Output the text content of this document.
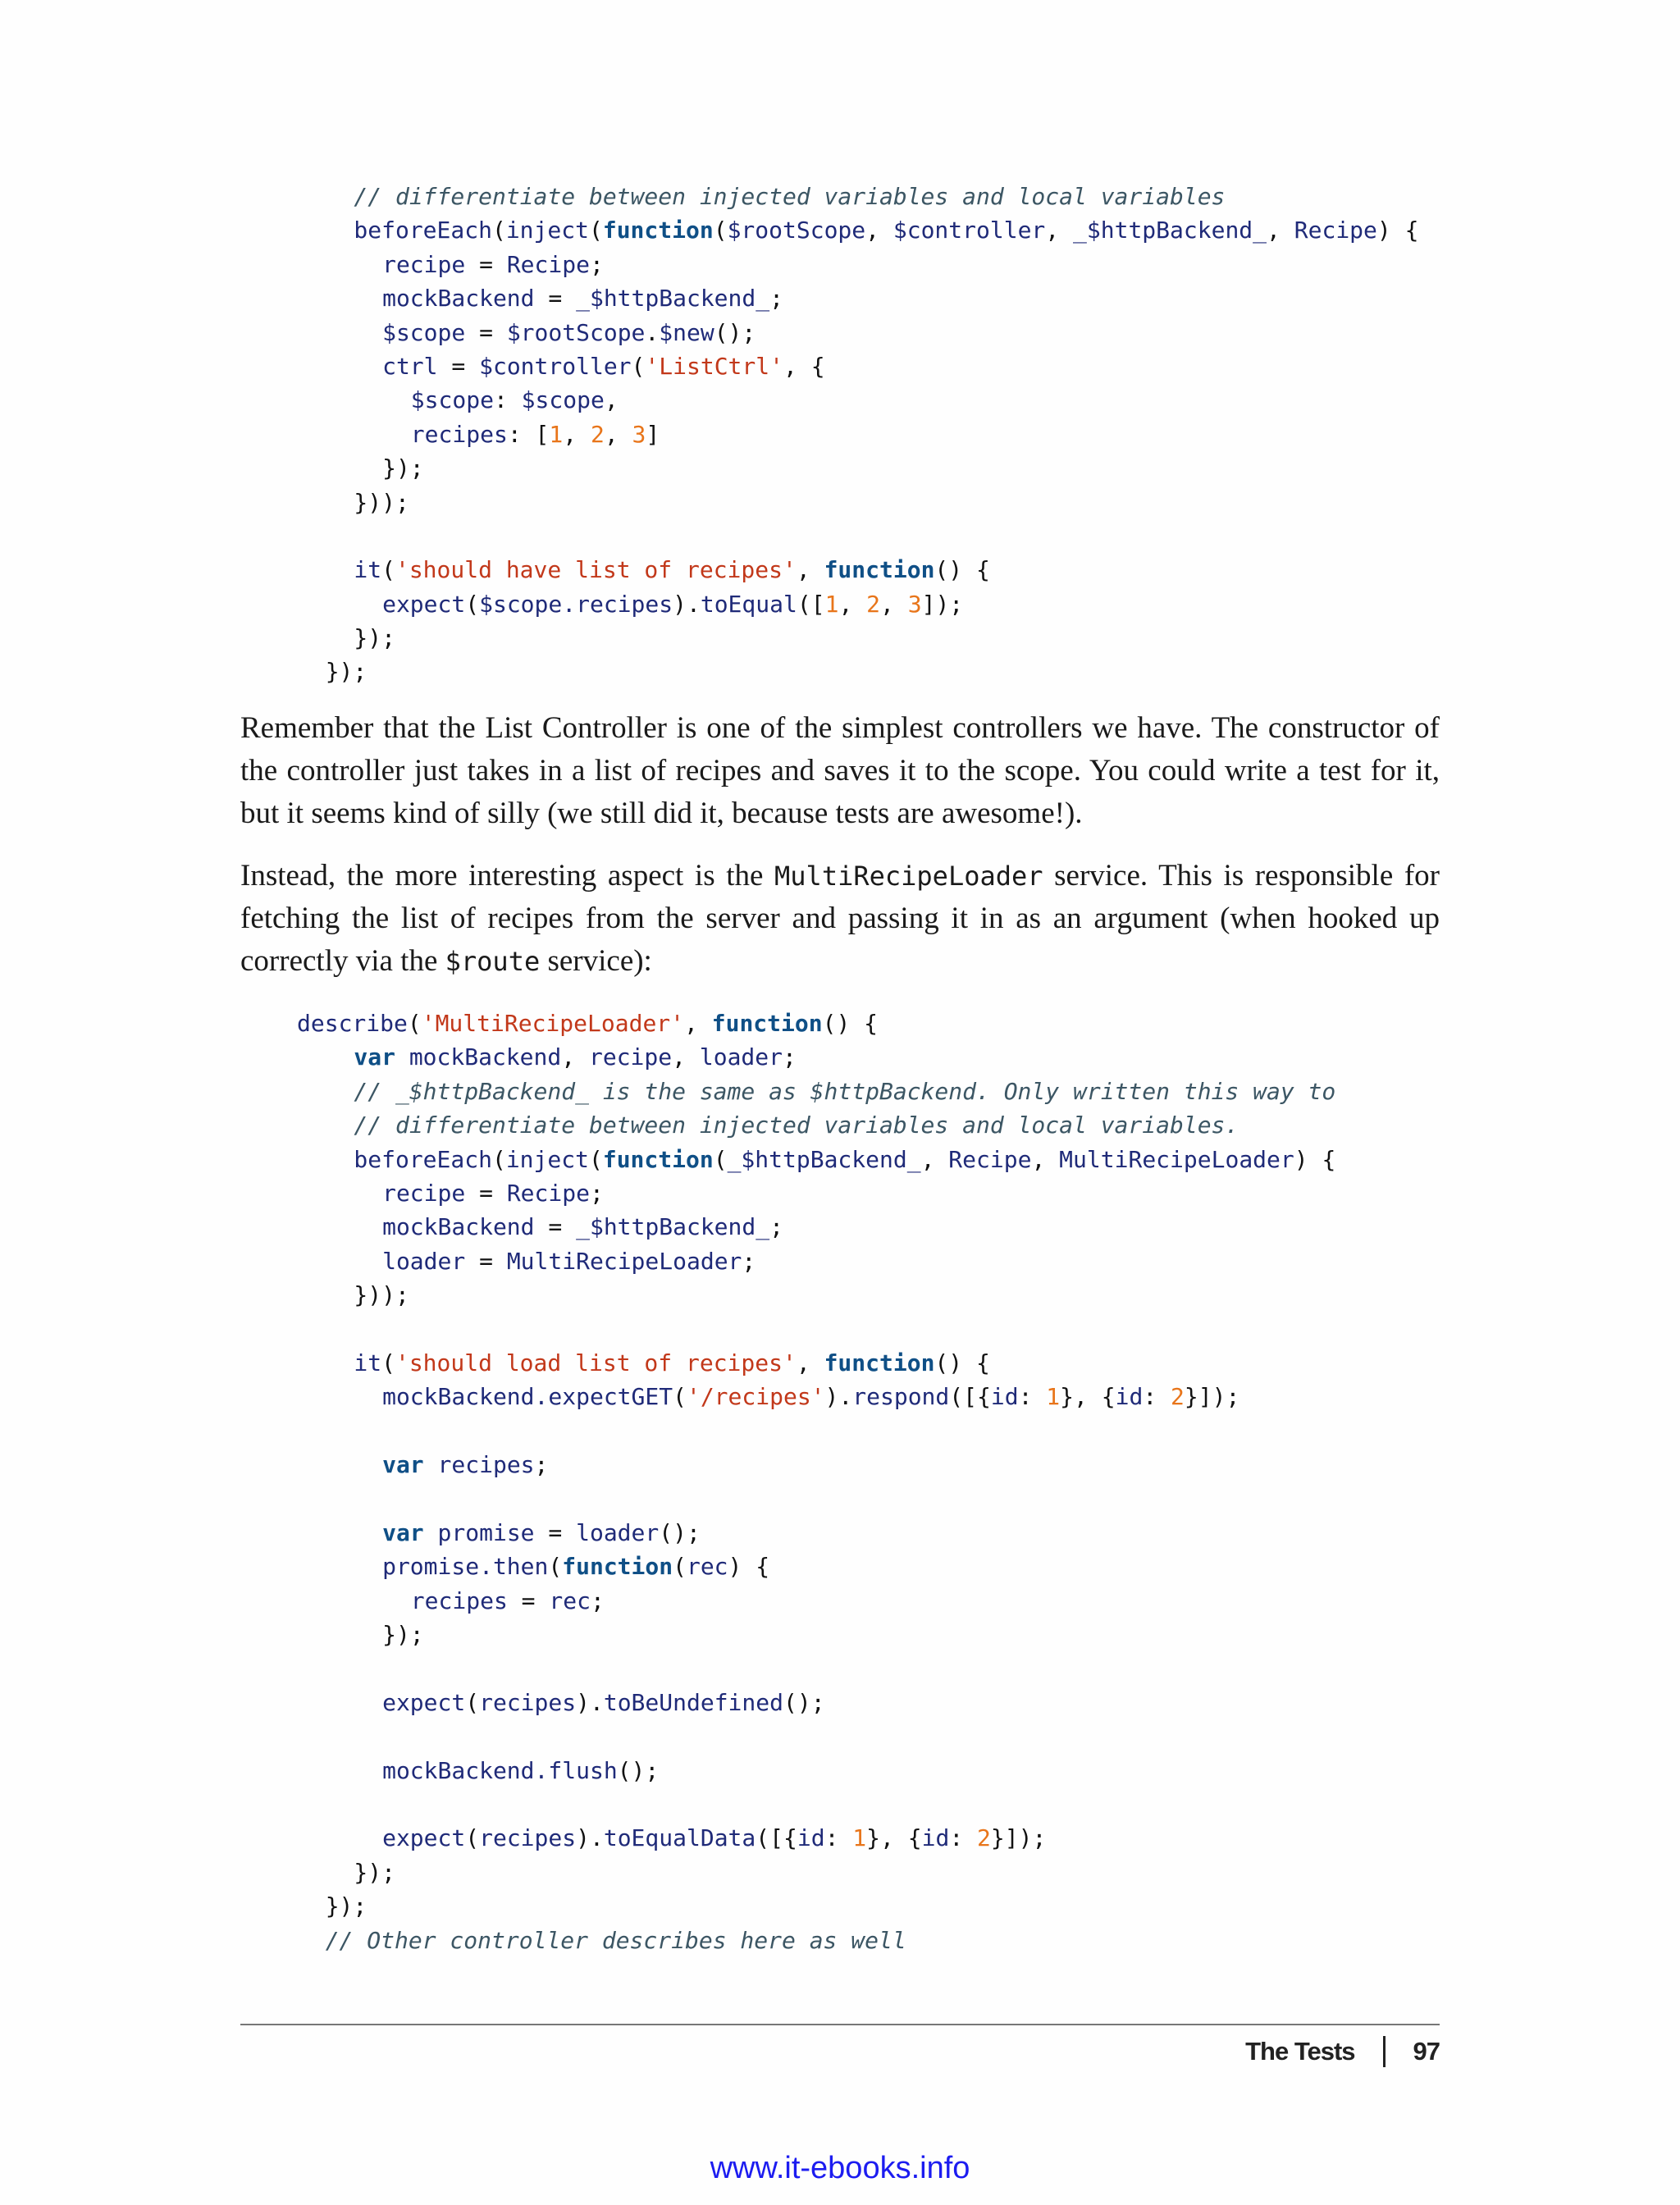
// differentiate between injected variables and local variables
beforeEach(inject(function($rootScope, $controller, _$httpBackend_, Recipe) {
recipe = Recipe;
mockBackend = _$httpBackend_;
$scope = $rootScope.$new();
ctrl = $controller('ListCtrl', {
$scope: $scope,
recipes: [1, 2, 3]
});
}));
it('should have list of recipes', function() {
expect($scope.recipes).toEqual([1, 2, 3]);
});
});

Remember that the List Controller is one of the simplest controllers we have. The constructor of the controller just takes in a list of recipes and saves it to the scope. You could write a test for it, but it seems kind of silly (we still did it, because tests are awesome!).

Instead, the more interesting aspect is the MultiRecipeLoader service. This is responsible for fetching the list of recipes from the server and passing it in as an argument (when hooked up correctly via the $route service):

describe('MultiRecipeLoader', function() {
var mockBackend, recipe, loader;
// _$httpBackend_ is the same as $httpBackend. Only written this way to
// differentiate between injected variables and local variables.
beforeEach(inject(function(_$httpBackend_, Recipe, MultiRecipeLoader) {
recipe = Recipe;
mockBackend = _$httpBackend_;
loader = MultiRecipeLoader;
}));
it('should load list of recipes', function() {
mockBackend.expectGET('/recipes').respond([{id: 1}, {id: 2}]);
var recipes;
var promise = loader();
promise.then(function(rec) {
recipes = rec;
});
expect(recipes).toBeUndefined();
mockBackend.flush();
expect(recipes).toEqualData([{id: 1}, {id: 2}]);
});
});
// Other controller describes here as well
The Tests 97
www.it-ebooks.info
